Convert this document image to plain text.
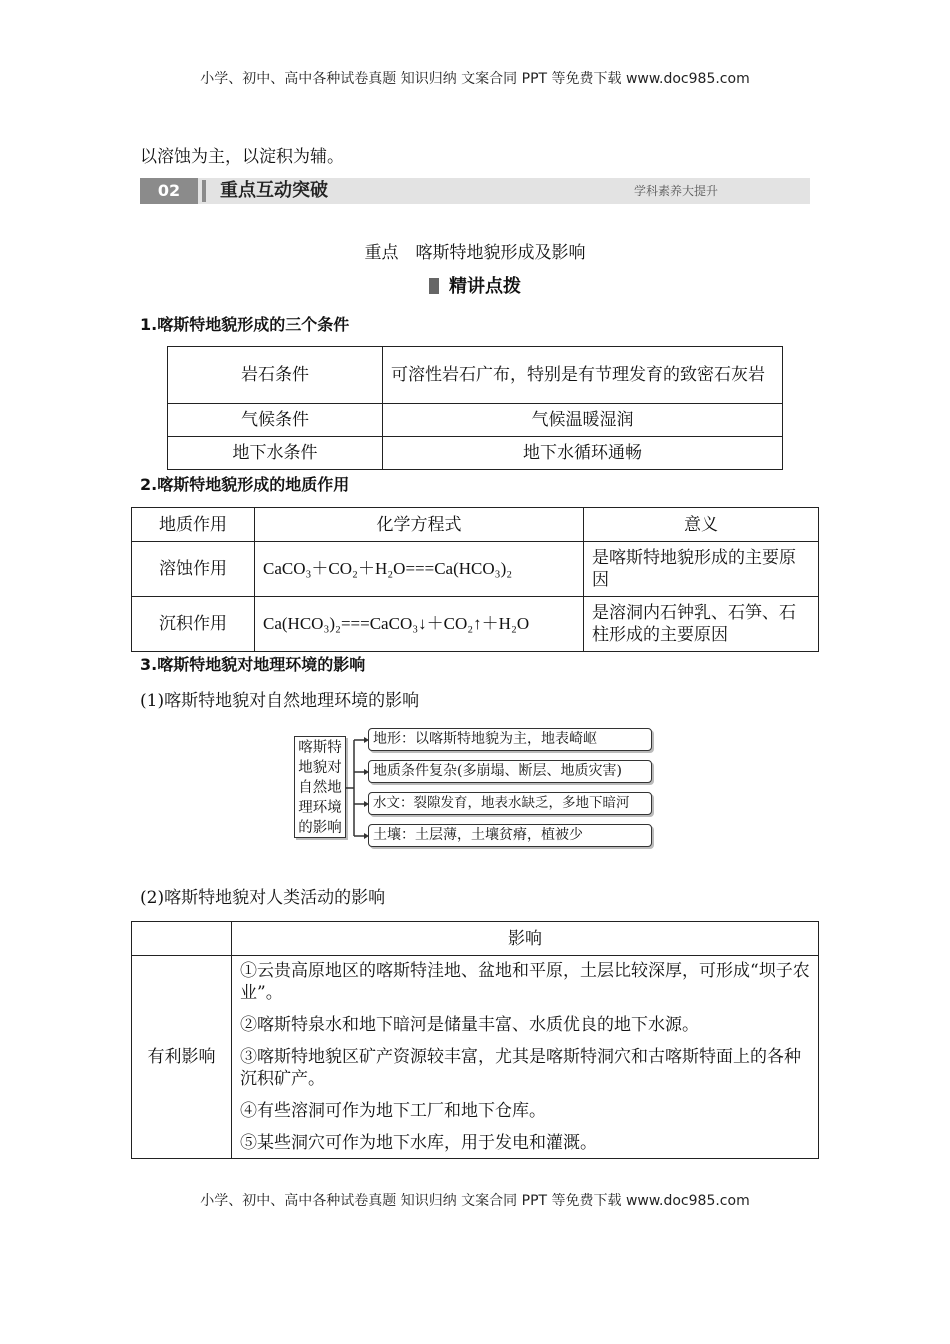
小学、初中、高中各种试卷真题 知识归纳 文案合同 PPT 等免费下载 www.doc985.com
以溶蚀为主，以淀积为辅。
02	重点互动突破	学科素养大提升
重点　喀斯特地貌形成及影响
精讲点拨
1.喀斯特地貌形成的三个条件
岩石条件	可溶性岩石广布，特别是有节理发育的致密石灰岩
气候条件	气候温暖湿润
地下水条件	地下水循环通畅
2.喀斯特地貌形成的地质作用
地质作用	化学方程式	意义
溶蚀作用	CaCO₃＋CO₂＋H₂O===Ca(HCO₃)₂	是喀斯特地貌形成的主要原因
沉积作用	Ca(HCO₃)₂===CaCO₃↓＋CO₂↑＋H₂O	是溶洞内石钟乳、石笋、石柱形成的主要原因
3.喀斯特地貌对地理环境的影响
(1)喀斯特地貌对自然地理环境的影响
喀斯特
地貌对
自然地
理环境
的影响
地形：以喀斯特地貌为主，地表崎岖
地质条件复杂(多崩塌、断层、地质灾害)
水文：裂隙发育，地表水缺乏，多地下暗河
土壤：土层薄，土壤贫瘠，植被少
(2)喀斯特地貌对人类活动的影响
	影响
有利影响	①云贵高原地区的喀斯特洼地、盆地和平原，土层比较深厚，可形成“坝子农业”。
②喀斯特泉水和地下暗河是储量丰富、水质优良的地下水源。
③喀斯特地貌区矿产资源较丰富，尤其是喀斯特洞穴和古喀斯特面上的各种沉积矿产。
④有些溶洞可作为地下工厂和地下仓库。
⑤某些洞穴可作为地下水库，用于发电和灌溉。
小学、初中、高中各种试卷真题 知识归纳 文案合同 PPT 等免费下载 www.doc985.com
